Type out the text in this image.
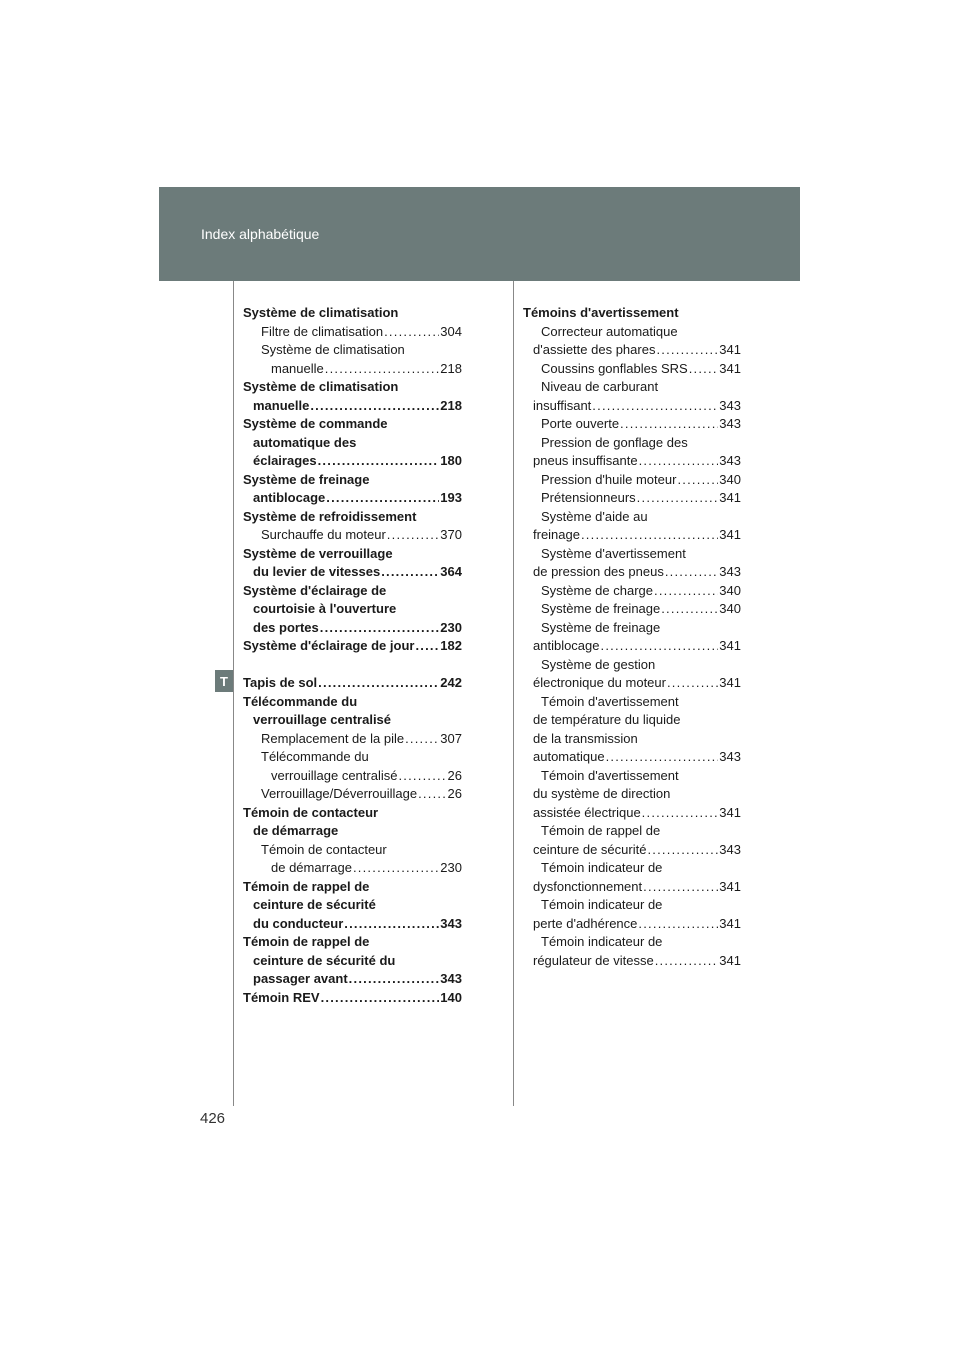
Index alphabétique
T
Système de climatisation
Filtre de climatisation . . .	304
Système de climatisation
manuelle . . .	218
Système de climatisation
manuelle . . .	218
Système de commande
automatique des
éclairages . . .	180
Système de freinage
antiblocage . . .	193
Système de refroidissement
Surchauffe du moteur . . .	370
Système de verrouillage
du levier de vitesses . . .	364
Système d'éclairage de
courtoisie à l'ouverture
des portes . . .	230
Système d'éclairage de jour . . . 182
Tapis de sol . . .	242
Télécommande du
verrouillage centralisé
Remplacement de la pile . . .	307
Télécommande du
verrouillage centralisé . . .	26
Verrouillage/Déverrouillage . . . 26
Témoin de contacteur
de démarrage
Témoin de contacteur
de démarrage . . .	230
Témoin de rappel de
ceinture de sécurité
du conducteur . . .	343
Témoin de rappel de
ceinture de sécurité du
passager avant . . .	343
Témoin REV . . .	140
Témoins d'avertissement
Correcteur automatique
d'assiette des phares . . .	341
Coussins gonflables SRS . . . 341
Niveau de carburant
insuffisant . . .	343
Porte ouverte . . .	343
Pression de gonflage des
pneus insuffisante . . .	343
Pression d'huile moteur . . .	340
Prétensionneurs . . .	341
Système d'aide au
freinage . . .	341
Système d'avertissement
de pression des pneus . . .	343
Système de charge . . .	340
Système de freinage . . .	340
Système de freinage
antiblocage . . .	341
Système de gestion
électronique du moteur . . .	341
Témoin d'avertissement
de température du liquide
de la transmission
automatique . . .	343
Témoin d'avertissement
du système de direction
assistée électrique . . .	341
Témoin de rappel de
ceinture de sécurité . . .	343
Témoin indicateur de
dysfonctionnement . . .	341
Témoin indicateur de
perte d'adhérence . . .	341
Témoin indicateur de
régulateur de vitesse . . .	341
426
